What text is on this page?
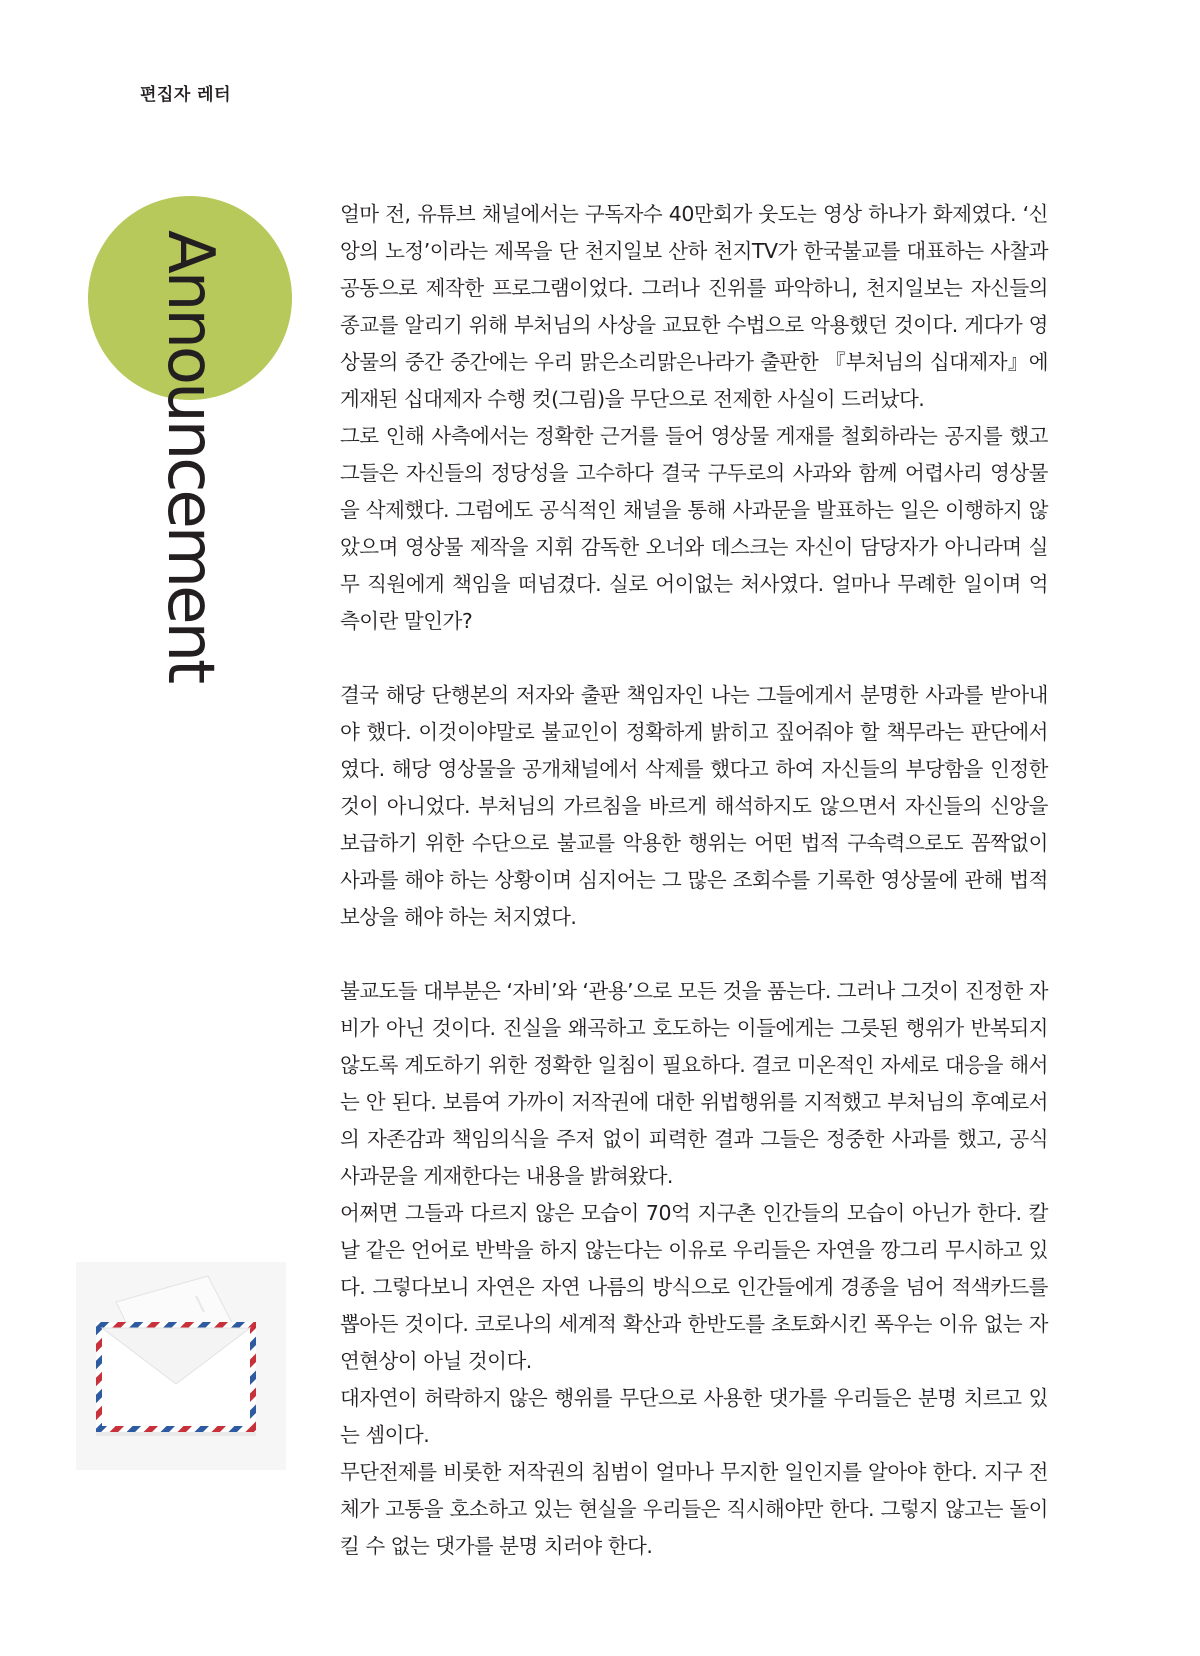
편집자 레터
Announcement

얼마 전, 유튜브 채널에서는 구독자수 40만회가 웃도는 영상 하나가 화제였다. ‘신앙의 노정’이라는 제목을 단 천지일보 산하 천지TV가 한국불교를 대표하는 사찰과 공동으로 제작한 프로그램이었다. 그러나 진위를 파악하니, 천지일보는 자신들의 종교를 알리기 위해 부처님의 사상을 교묘한 수법으로 악용했던 것이다. 게다가 영상물의 중간 중간에는 우리 맑은소리맑은나라가 출판한 『부처님의 십대제자』에 게재된 십대제자 수행 컷(그림)을 무단으로 전제한 사실이 드러났다.

그로 인해 사측에서는 정확한 근거를 들어 영상물 게재를 철회하라는 공지를 했고 그들은 자신들의 정당성을 고수하다 결국 구두로의 사과와 함께 어렵사리 영상물을 삭제했다. 그럼에도 공식적인 채널을 통해 사과문을 발표하는 일은 이행하지 않았으며 영상물 제작을 지휘 감독한 오너와 데스크는 자신이 담당자가 아니라며 실무 직원에게 책임을 떠넘겼다. 실로 어이없는 처사였다. 얼마나 무례한 일이며 억측이란 말인가?

결국 해당 단행본의 저자와 출판 책임자인 나는 그들에게서 분명한 사과를 받아내야 했다. 이것이야말로 불교인이 정확하게 밝히고 짚어줘야 할 책무라는 판단에서였다. 해당 영상물을 공개채널에서 삭제를 했다고 하여 자신들의 부당함을 인정한 것이 아니었다. 부처님의 가르침을 바르게 해석하지도 않으면서 자신들의 신앙을 보급하기 위한 수단으로 불교를 악용한 행위는 어떤 법적 구속력으로도 꼼짝없이 사과를 해야 하는 상황이며 심지어는 그 많은 조회수를 기록한 영상물에 관해 법적 보상을 해야 하는 처지였다.

불교도들 대부분은 ‘자비’와 ‘관용’으로 모든 것을 품는다. 그러나 그것이 진정한 자비가 아닌 것이다. 진실을 왜곡하고 호도하는 이들에게는 그릇된 행위가 반복되지 않도록 계도하기 위한 정확한 일침이 필요하다. 결코 미온적인 자세로 대응을 해서는 안 된다. 보름여 가까이 저작권에 대한 위법행위를 지적했고 부처님의 후예로서의 자존감과 책임의식을 주저 없이 피력한 결과 그들은 정중한 사과를 했고, 공식사과문을 게재한다는 내용을 밝혀왔다.

어쩌면 그들과 다르지 않은 모습이 70억 지구촌 인간들의 모습이 아닌가 한다. 칼날 같은 언어로 반박을 하지 않는다는 이유로 우리들은 자연을 깡그리 무시하고 있다. 그렇다보니 자연은 자연 나름의 방식으로 인간들에게 경종을 넘어 적색카드를 뽑아든 것이다. 코로나의 세계적 확산과 한반도를 초토화시킨 폭우는 이유 없는 자연현상이 아닐 것이다.

대자연이 허락하지 않은 행위를 무단으로 사용한 댓가를 우리들은 분명 치르고 있는 셈이다.

무단전제를 비롯한 저작권의 침범이 얼마나 무지한 일인지를 알아야 한다. 지구 전체가 고통을 호소하고 있는 현실을 우리들은 직시해야만 한다. 그렇지 않고는 돌이킬 수 없는 댓가를 분명 치러야 한다.
